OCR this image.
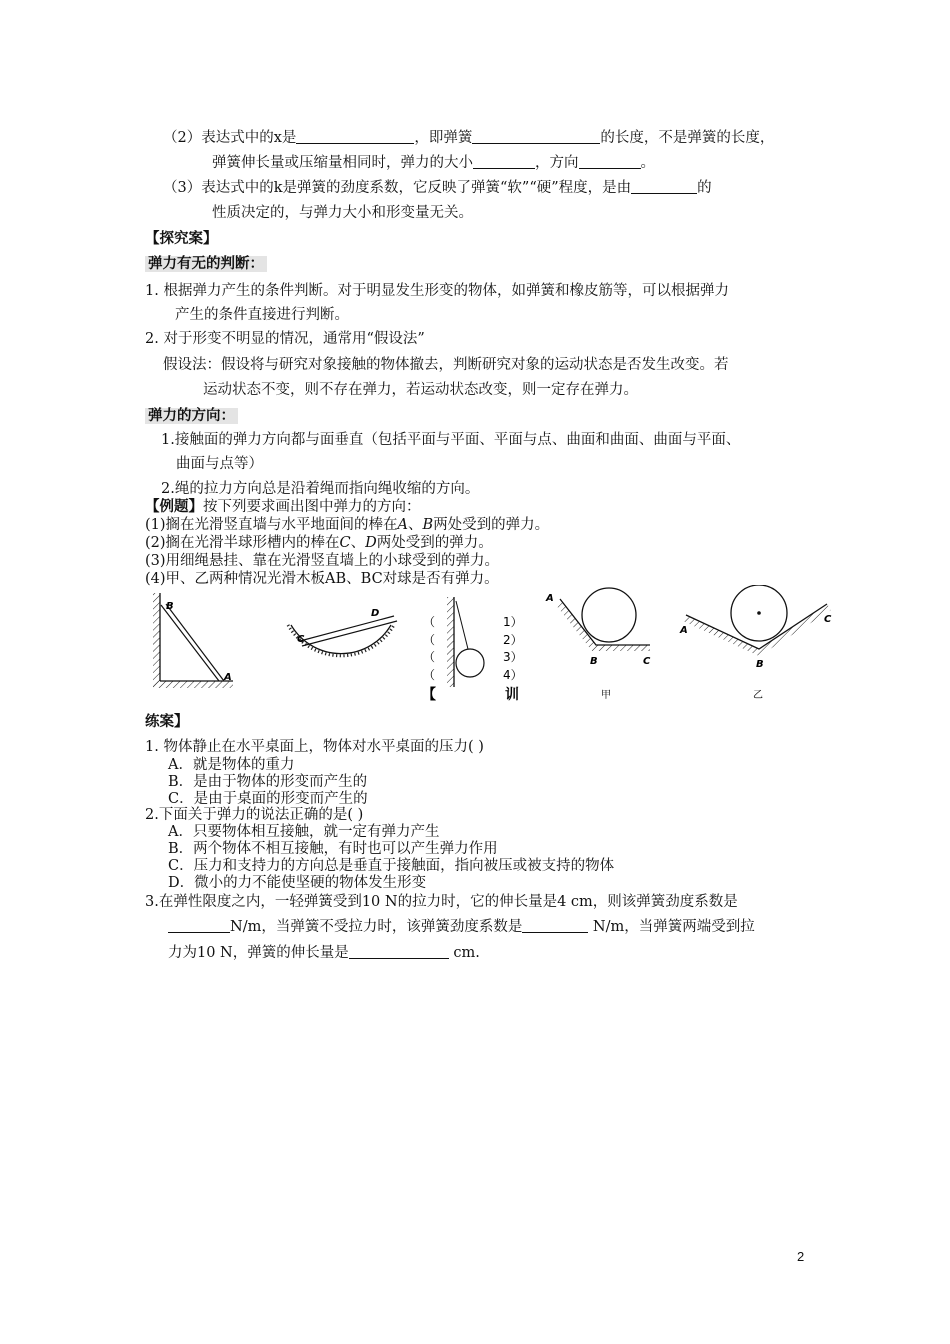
（2）表达式中的x是	，即弹簧	的长度，不是弹簧的长度，
弹簧伸长量或压缩量相同时，弹力的大小	，方向	。
（3）表达式中的k是弹簧的劲度系数，它反映了弹簧“软”“硬”程度，是由	的
性质决定的，与弹力大小和形变量无关。
【探究案】
弹力有无的判断：
1. 根据弹力产生的条件判断。对于明显发生形变的物体，如弹簧和橡皮筋等，可以根据弹力
产生的条件直接进行判断。
2. 对于形变不明显的情况，通常用“假设法”
假设法：假设将与研究对象接触的物体撤去，判断研究对象的运动状态是否发生改变。若
运动状态不变，则不存在弹力，若运动状态改变，则一定存在弹力。
弹力的方向：
1.接触面的弹力方向都与面垂直（包括平面与平面、平面与点、曲面和曲面、曲面与平面、
曲面与点等）
2.绳的拉力方向总是沿着绳而指向绳收缩的方向。
【例题】按下列要求画出图中弹力的方向：
(1)搁在光滑竖直墙与水平地面间的棒在A、B两处受到的弹力。
(2)搁在光滑半球形槽内的棒在C、D两处受到的弹力。
(3)用细绳悬挂、靠在光滑竖直墙上的小球受到的弹力。
(4)甲、乙两种情况光滑木板AB、BC对球是否有弹力。
B
A
D
C
（
（
（
（
1）
2）
3）
4）
【	训
A
B	C
甲
A
B
C
乙
练案】
1. 物体静止在水平桌面上，物体对水平桌面的压力( )
A．就是物体的重力
B．是由于物体的形变而产生的
C．是由于桌面的形变而产生的
2.下面关于弹力的说法正确的是( )
A．只要物体相互接触，就一定有弹力产生
B．两个物体不相互接触，有时也可以产生弹力作用
C．压力和支持力的方向总是垂直于接触面，指向被压或被支持的物体
D．微小的力不能使坚硬的物体发生形变
3.在弹性限度之内，一轻弹簧受到10 N的拉力时，它的伸长量是4 cm，则该弹簧劲度系数是
N/m，当弹簧不受拉力时，该弹簧劲度系数是	N/m，当弹簧两端受到拉
力为10 N，弹簧的伸长量是	cm.
2
